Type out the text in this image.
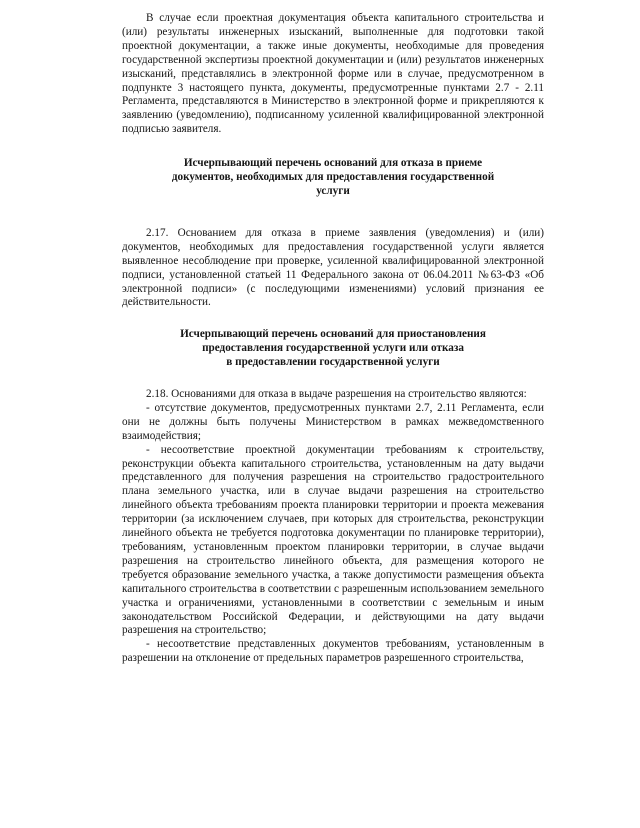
В случае если проектная документация объекта капитального строительства и (или) результаты инженерных изысканий, выполненные для подготовки такой проектной документации, а также иные документы, необходимые для проведения государственной экспертизы проектной документации и (или) результатов инженерных изысканий, представлялись в электронной форме или в случае, предусмотренном в подпункте 3 настоящего пункта, документы, предусмотренные пунктами 2.7 - 2.11 Регламента, представляются в Министерство в электронной форме и прикрепляются к заявлению (уведомлению), подписанному усиленной квалифицированной электронной подписью заявителя.

Исчерпывающий перечень оснований для отказа в приеме

документов, необходимых для предоставления государственной

услуги

2.17. Основанием для отказа в приеме заявления (уведомления) и (или) документов, необходимых для предоставления государственной услуги является выявленное несоблюдение при проверке, усиленной квалифицированной электронной подписи, установленной статьей 11 Федерального закона от 06.04.2011 №63-ФЗ «Об электронной подписи» (с последующими изменениями) условий признания ее действительности.

Исчерпывающий перечень оснований для приостановления

предоставления государственной услуги или отказа

в предоставлении государственной услуги

2.18. Основаниями для отказа в выдаче разрешения на строительство являются:

- отсутствие документов, предусмотренных пунктами 2.7, 2.11 Регламента, если они не должны быть получены Министерством в рамках межведомственного взаимодействия;

- несоответствие проектной документации требованиям к строительству, реконструкции объекта капитального строительства, установленным на дату выдачи представленного для получения разрешения на строительство градостроительного плана земельного участка, или в случае выдачи разрешения на строительство линейного объекта требованиям проекта планировки территории и проекта межевания территории (за исключением случаев, при которых для строительства, реконструкции линейного объекта не требуется подготовка документации по планировке территории), требованиям, установленным проектом планировки территории, в случае выдачи разрешения на строительство линейного объекта, для размещения которого не требуется образование земельного участка, а также допустимости размещения объекта капитального строительства в соответствии с разрешенным использованием земельного участка и ограничениями, установленными в соответствии с земельным и иным законодательством Российской Федерации, и действующими на дату выдачи разрешения на строительство;

- несоответствие представленных документов требованиям, установленным в разрешении на отклонение от предельных параметров разрешенного строительства,
